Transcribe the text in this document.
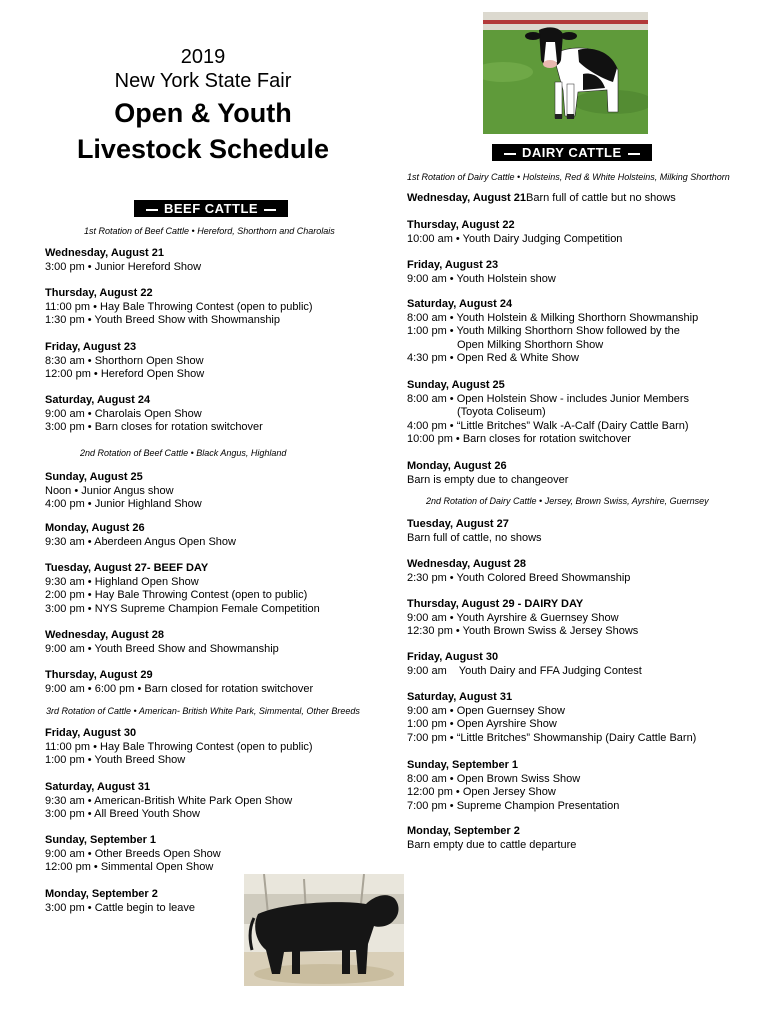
2019
New York State Fair
Open & Youth
Livestock Schedule
BEEF CATTLE
DAIRY CATTLE
1st Rotation of Beef Cattle • Hereford, Shorthorn and Charolais
2nd Rotation of Beef Cattle • Black Angus, Highland
3rd Rotation of Cattle • American- British White Park, Simmental, Other Breeds
1st Rotation of Dairy Cattle • Holsteins, Red & White Holsteins, Milking Shorthorn
2nd Rotation of Dairy Cattle • Jersey, Brown Swiss, Ayrshire, Guernsey
Wednesday, August 21
3:00 pm • Junior Hereford Show
Thursday, August 22
11:00 pm • Hay Bale Throwing Contest (open to public)
1:30 pm • Youth Breed Show with Showmanship
Friday, August 23
8:30 am • Shorthorn Open Show
12:00 pm • Hereford Open Show
Saturday, August 24
9:00 am • Charolais Open Show
3:00 pm • Barn closes for rotation switchover
Sunday, August 25
Noon • Junior Angus show
4:00 pm • Junior Highland Show
Monday, August 26
9:30 am • Aberdeen Angus Open Show
Tuesday, August 27- BEEF DAY
9:30 am • Highland Open Show
2:00 pm • Hay Bale Throwing Contest (open to public)
3:00 pm • NYS Supreme Champion Female Competition
Wednesday, August 28
9:00 am • Youth Breed Show and Showmanship
Thursday, August 29
9:00 am • 6:00 pm • Barn closed for rotation switchover
Friday, August 30
11:00 pm • Hay Bale Throwing Contest (open to public)
1:00 pm • Youth Breed Show
Saturday, August 31
9:30 am • American-British White Park Open Show
3:00 pm • All Breed Youth Show
Sunday, September 1
9:00 am • Other Breeds Open Show
12:00 pm • Simmental Open Show
Monday, September 2
3:00 pm • Cattle begin to leave
Wednesday, August 21Barn full of cattle but no shows
Thursday, August 22
10:00 am • Youth Dairy Judging Competition
Friday, August 23
9:00 am • Youth Holstein show
Saturday, August 24
8:00 am • Youth Holstein & Milking Shorthorn Showmanship
1:00 pm • Youth Milking Shorthorn Show followed by the
Open Milking Shorthorn Show
4:30 pm • Open Red & White Show
Sunday, August 25
8:00 am • Open Holstein Show - includes Junior Members
(Toyota Coliseum)
4:00 pm • “Little Britches” Walk -A-Calf (Dairy Cattle Barn)
10:00 pm • Barn closes for rotation switchover
Monday, August 26
Barn is empty due to changeover
Tuesday, August 27
Barn full of cattle, no shows
Wednesday, August 28
2:30 pm • Youth Colored Breed Showmanship
Thursday, August 29 - DAIRY DAY
9:00 am • Youth Ayrshire & Guernsey Show
12:30 pm • Youth Brown Swiss & Jersey Shows
Friday, August 30
9:00 am    Youth Dairy and FFA Judging Contest
Saturday, August 31
9:00 am • Open Guernsey Show
1:00 pm • Open Ayrshire Show
7:00 pm • “Little Britches” Showmanship (Dairy Cattle Barn)
Sunday, September 1
8:00 am • Open Brown Swiss Show
12:00 pm • Open Jersey Show
7:00 pm • Supreme Champion Presentation
Monday, September 2
Barn empty due to cattle departure
